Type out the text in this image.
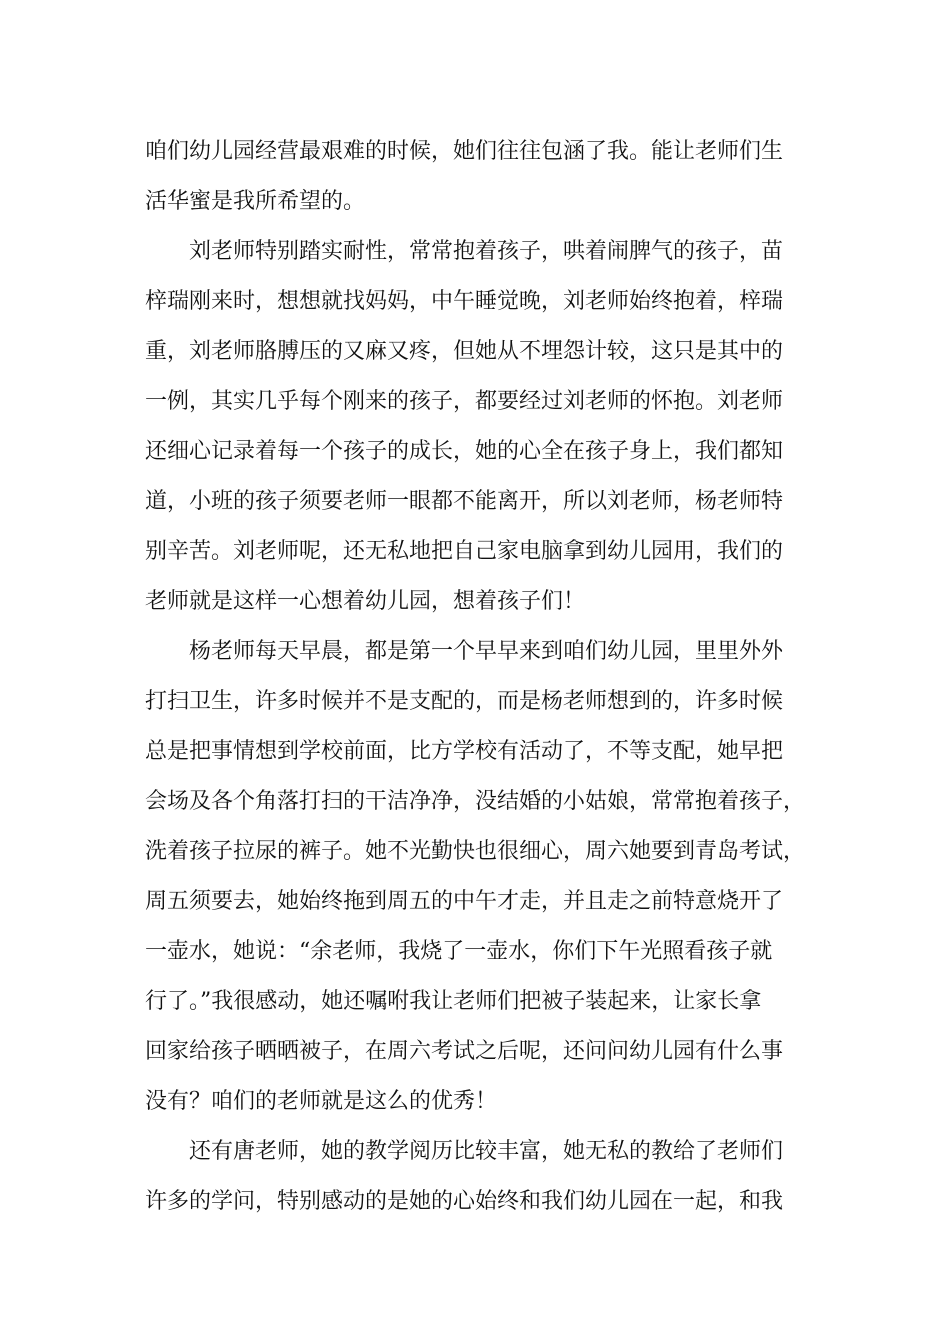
咱们幼儿园经营最艰难的时候，她们往往包涵了我。能让老师们生
活华蜜是我所希望的。
刘老师特别踏实耐性，常常抱着孩子，哄着闹脾气的孩子，苗
梓瑞刚来时，想想就找妈妈，中午睡觉晚，刘老师始终抱着，梓瑞
重，刘老师胳膊压的又麻又疼，但她从不埋怨计较，这只是其中的
一例，其实几乎每个刚来的孩子，都要经过刘老师的怀抱。刘老师
还细心记录着每一个孩子的成长，她的心全在孩子身上，我们都知
道，小班的孩子须要老师一眼都不能离开，所以刘老师，杨老师特
别辛苦。刘老师呢，还无私地把自己家电脑拿到幼儿园用，我们的
老师就是这样一心想着幼儿园，想着孩子们！
杨老师每天早晨，都是第一个早早来到咱们幼儿园，里里外外
打扫卫生，许多时候并不是支配的，而是杨老师想到的，许多时候
总是把事情想到学校前面，比方学校有活动了，不等支配，她早把
会场及各个角落打扫的干洁净净，没结婚的小姑娘，常常抱着孩子，
洗着孩子拉尿的裤子。她不光勤快也很细心，周六她要到青岛考试，
周五须要去，她始终拖到周五的中午才走，并且走之前特意烧开了
一壶水，她说：“余老师，我烧了一壶水，你们下午光照看孩子就
行了。”我很感动，她还嘱咐我让老师们把被子装起来，让家长拿
回家给孩子晒晒被子，在周六考试之后呢，还问问幼儿园有什么事
没有？咱们的老师就是这么的优秀！
还有唐老师，她的教学阅历比较丰富，她无私的教给了老师们
许多的学问，特别感动的是她的心始终和我们幼儿园在一起，和我
